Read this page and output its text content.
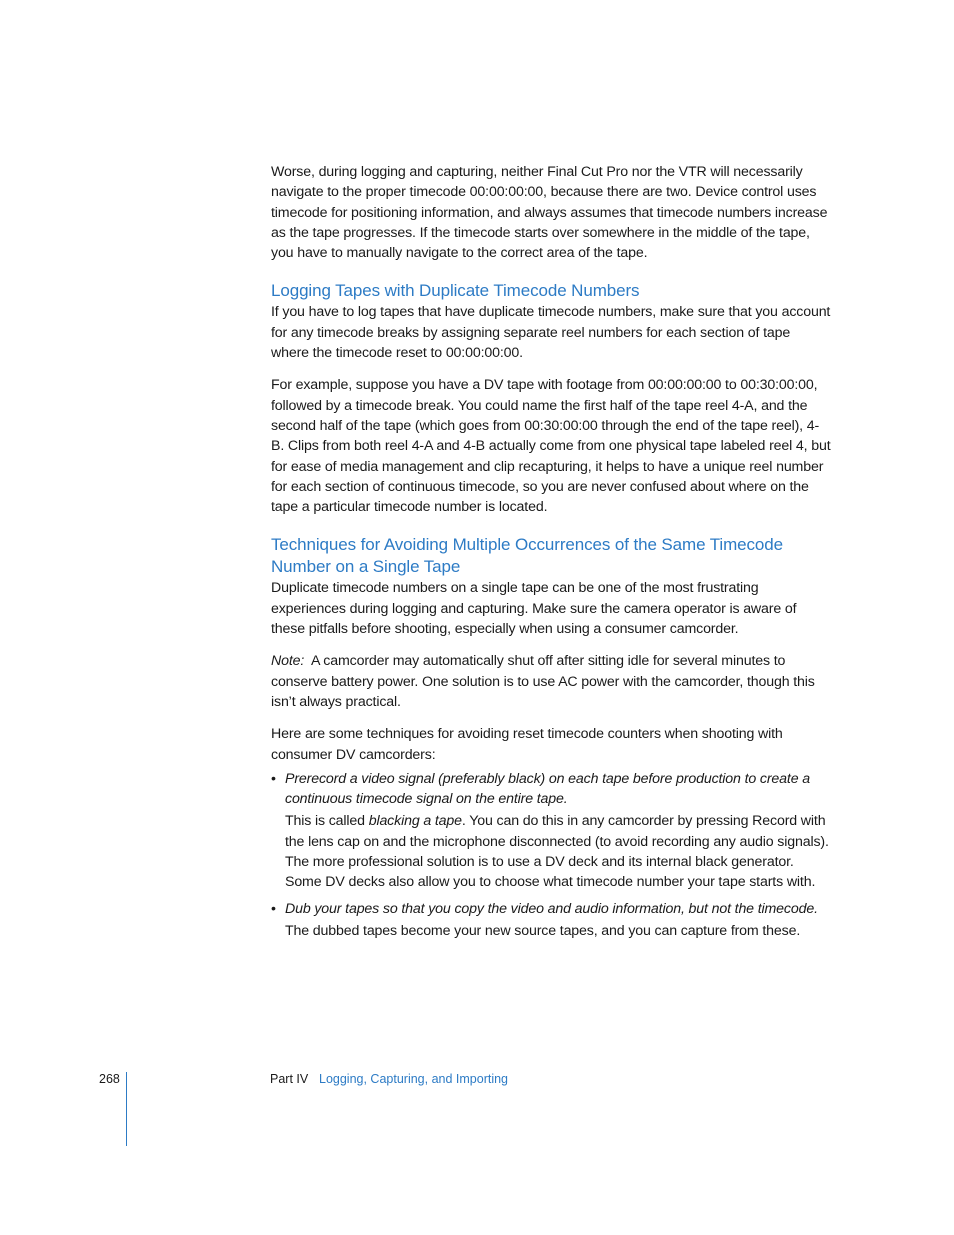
Worse, during logging and capturing, neither Final Cut Pro nor the VTR will necessarily navigate to the proper timecode 00:00:00:00, because there are two. Device control uses timecode for positioning information, and always assumes that timecode numbers increase as the tape progresses. If the timecode starts over somewhere in the middle of the tape, you have to manually navigate to the correct area of the tape.

Logging Tapes with Duplicate Timecode Numbers

If you have to log tapes that have duplicate timecode numbers, make sure that you account for any timecode breaks by assigning separate reel numbers for each section of tape where the timecode reset to 00:00:00:00.

For example, suppose you have a DV tape with footage from 00:00:00:00 to 00:30:00:00, followed by a timecode break. You could name the first half of the tape reel 4-A, and the second half of the tape (which goes from 00:30:00:00 through the end of the tape reel), 4-B. Clips from both reel 4-A and 4-B actually come from one physical tape labeled reel 4, but for ease of media management and clip recapturing, it helps to have a unique reel number for each section of continuous timecode, so you are never confused about where on the tape a particular timecode number is located.

Techniques for Avoiding Multiple Occurrences of the Same Timecode
Number on a Single Tape

Duplicate timecode numbers on a single tape can be one of the most frustrating experiences during logging and capturing. Make sure the camera operator is aware of these pitfalls before shooting, especially when using a consumer camcorder.

Note: A camcorder may automatically shut off after sitting idle for several minutes to conserve battery power. One solution is to use AC power with the camcorder, though this isn’t always practical.

Here are some techniques for avoiding reset timecode counters when shooting with consumer DV camcorders:

• Prerecord a video signal (preferably black) on each tape before production to create a continuous timecode signal on the entire tape.
This is called blacking a tape. You can do this in any camcorder by pressing Record with the lens cap on and the microphone disconnected (to avoid recording any audio signals). The more professional solution is to use a DV deck and its internal black generator. Some DV decks also allow you to choose what timecode number your tape starts with.
• Dub your tapes so that you copy the video and audio information, but not the timecode.
The dubbed tapes become your new source tapes, and you can capture from these.
268	Part IV Logging, Capturing, and Importing
